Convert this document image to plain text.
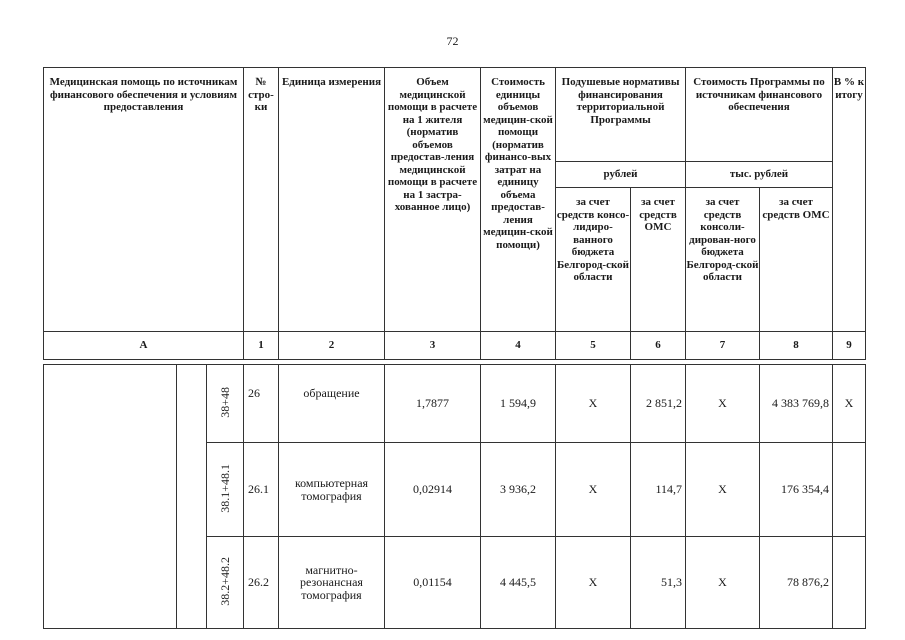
72
Медицинская помощь по источникам финансового обеспечения и условиям предоставления			№ стро-ки	Единица измерения	Объем медицинской помощи в расчете на 1 жителя (норматив объемов предостав-ления медицинской помощи в расчете на 1 застра-хованное лицо)	Стоимость единицы объемов медицин-ской помощи (норматив финансо-вых затрат на единицу объема предостав-ления медицин-ской помощи)	Подушевые нормативы финансирования территориальной Программы		Стоимость Программы по источникам финансового обеспечения		В % к итогу
							рублей		тыс. рублей		
							за счет средств консо-лидиро-ванного бюджета Белгород-ской области	за счет средств ОМС	за счет средств консоли-дирован-ного бюджета Белгород-ской области	за счет средств ОМС	
А			1	2	3	4	5	6	7	8	9

		38+48	26	обращение	1,7877	1 594,9	Х	2 851,2	Х	4 383 769,8	Х
		38.1+48.1	26.1	компьютерная томография	0,02914	3 936,2	Х	114,7	Х	176 354,4	
		38.2+48.2	26.2	магнитно-резонансная томография	0,01154	4 445,5	Х	51,3	Х	78 876,2	
